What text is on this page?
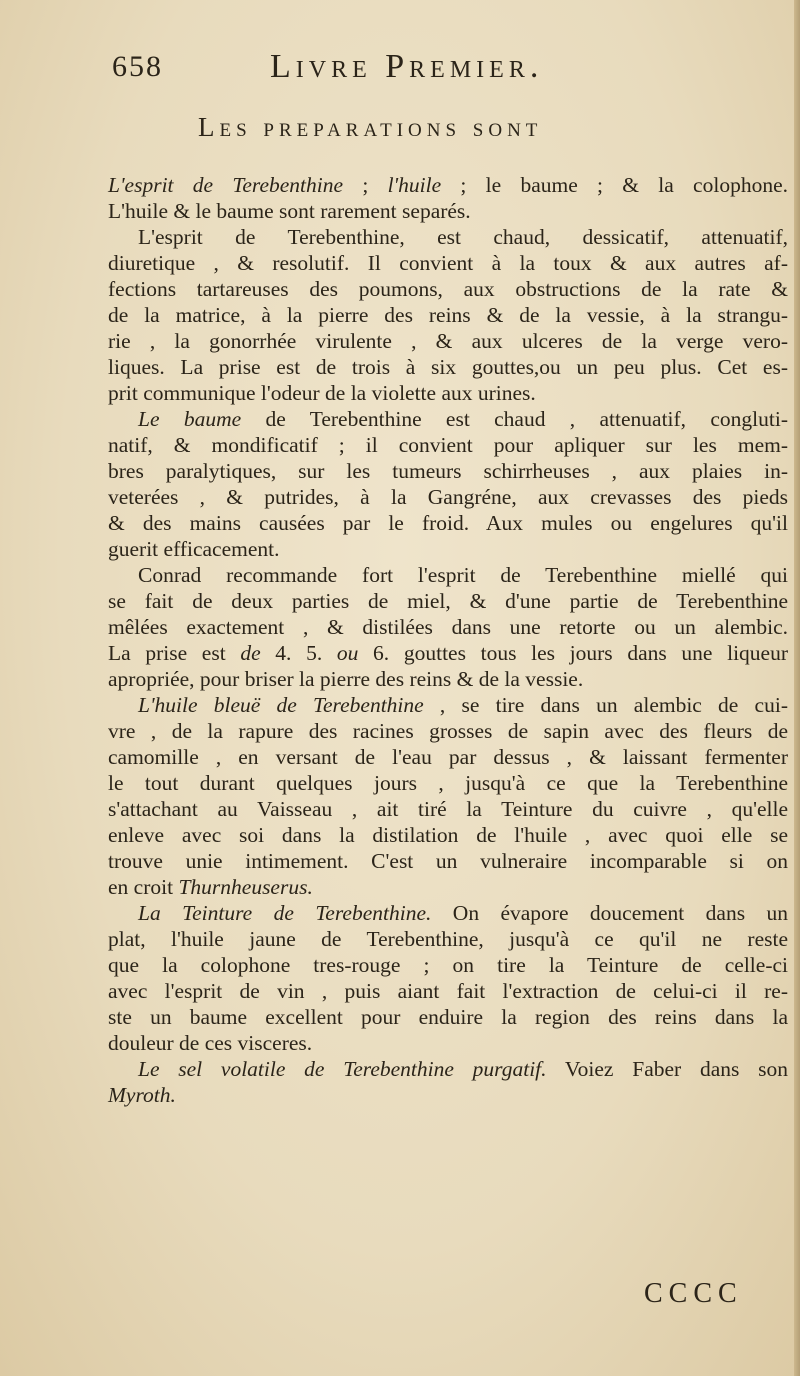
658	Livre Premier.
Les preparations sont
L'esprit de Terebenthine ; l'huile ; le baume ; & la colophone.
L'huile & le baume sont rarement separés.
L'esprit de Terebenthine, est chaud, dessicatif, attenuatif,
diuretique , & resolutif. Il convient à la toux & aux autres af-
fections tartareuses des poumons, aux obstructions de la rate &
de la matrice, à la pierre des reins & de la vessie, à la strangu-
rie , la gonorrhée virulente , & aux ulceres de la verge vero-
liques. La prise est de trois à six gouttes,ou un peu plus. Cet es-
prit communique l'odeur de la violette aux urines.
Le baume de Terebenthine est chaud , attenuatif, congluti-
natif, & mondificatif ; il convient pour apliquer sur les mem-
bres paralytiques, sur les tumeurs schirrheuses , aux plaies in-
veterées , & putrides, à la Gangréne, aux crevasses des pieds
& des mains causées par le froid. Aux mules ou engelures qu'il
guerit efficacement.
Conrad recommande fort l'esprit de Terebenthine miellé qui
se fait de deux parties de miel, & d'une partie de Terebenthine
mêlées exactement , & distilées dans une retorte ou un alembic.
La prise est de 4. 5. ou 6. gouttes tous les jours dans une liqueur
apropriée, pour briser la pierre des reins & de la vessie.
L'huile bleuë de Terebenthine , se tire dans un alembic de cui-
vre , de la rapure des racines grosses de sapin avec des fleurs de
camomille , en versant de l'eau par dessus , & laissant fermenter
le tout durant quelques jours , jusqu'à ce que la Terebenthine
s'attachant au Vaisseau , ait tiré la Teinture du cuivre , qu'elle
enleve avec soi dans la distilation de l'huile , avec quoi elle se
trouve unie intimement. C'est un vulneraire incomparable si on
en croit Thurnheuserus.
La Teinture de Terebenthine. On évapore doucement dans un
plat, l'huile jaune de Terebenthine, jusqu'à ce qu'il ne reste
que la colophone tres-rouge ; on tire la Teinture de celle-ci
avec l'esprit de vin , puis aiant fait l'extraction de celui-ci il re-
ste un baume excellent pour enduire la region des reins dans la
douleur de ces visceres.
Le sel volatile de Terebenthine purgatif. Voiez Faber dans son
Myroth.
CCCC
